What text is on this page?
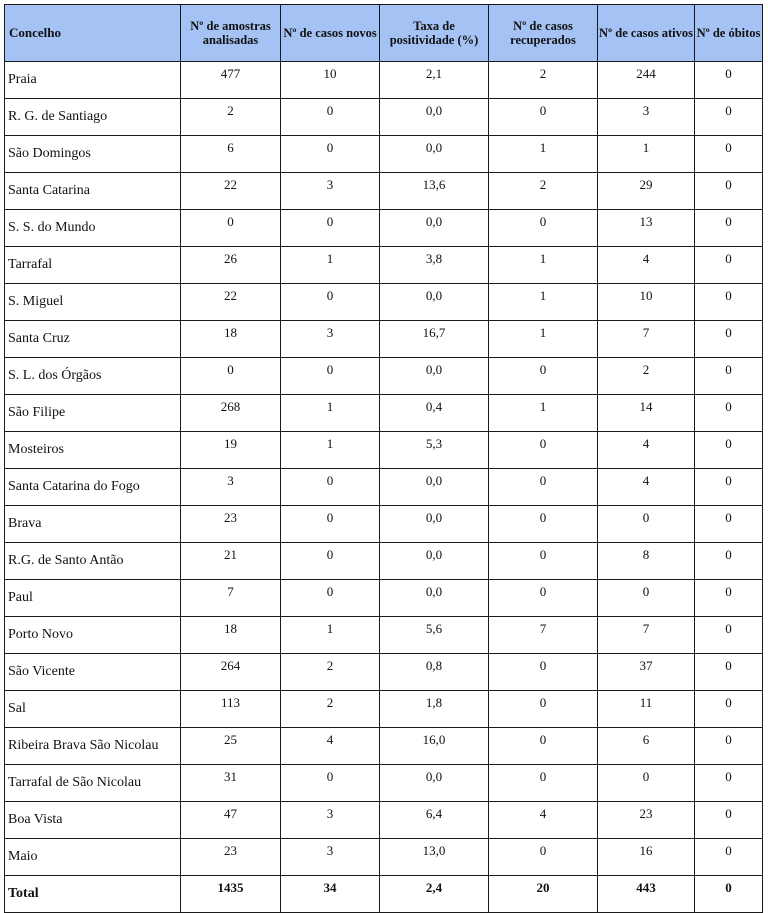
Concelho	Nº de amostras analisadas	Nº de casos novos	Taxa de positividade (%)	Nº de casos recuperados	Nº de casos ativos	Nº de óbitos
Praia	477	10	2,1	2	244	0
R. G. de Santiago	2	0	0,0	0	3	0
São Domingos	6	0	0,0	1	1	0
Santa Catarina	22	3	13,6	2	29	0
S. S. do Mundo	0	0	0,0	0	13	0
Tarrafal	26	1	3,8	1	4	0
S. Miguel	22	0	0,0	1	10	0
Santa Cruz	18	3	16,7	1	7	0
S. L. dos Órgãos	0	0	0,0	0	2	0
São Filipe	268	1	0,4	1	14	0
Mosteiros	19	1	5,3	0	4	0
Santa Catarina do Fogo	3	0	0,0	0	4	0
Brava	23	0	0,0	0	0	0
R.G. de Santo Antão	21	0	0,0	0	8	0
Paul	7	0	0,0	0	0	0
Porto Novo	18	1	5,6	7	7	0
São Vicente	264	2	0,8	0	37	0
Sal	113	2	1,8	0	11	0
Ribeira Brava São Nicolau	25	4	16,0	0	6	0
Tarrafal de São Nicolau	31	0	0,0	0	0	0
Boa Vista	47	3	6,4	4	23	0
Maio	23	3	13,0	0	16	0
Total	1435	34	2,4	20	443	0
